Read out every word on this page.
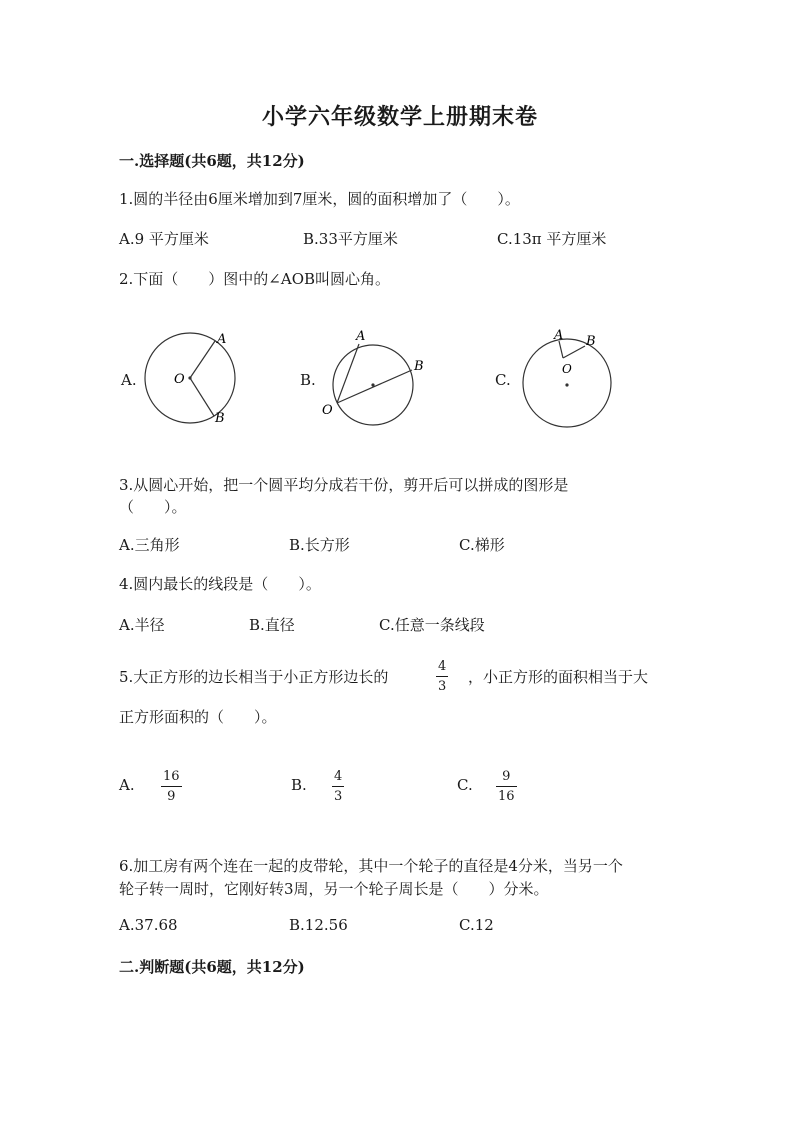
小学六年级数学上册期末卷
一.选择题(共6题，共12分)
1.圆的半径由6厘米增加到7厘米，圆的面积增加了（　　）。
A.9 平方厘米	B.33平方厘米	C.13π 平方厘米
2.下面（　　）图中的∠AOB叫圆心角。
A.	B.	C.
A
O
B
A
B
O
A B
O
3.从圆心开始，把一个圆平均分成若干份，剪开后可以拼成的图形是
（　　）。
A.三角形	B.长方形	C.梯形
4.圆内最长的线段是（　　）。
A.半径	B.直径	C.任意一条线段
5.大正方形的边长相当于小正方形边长的
4
3
，小正方形的面积相当于大
正方形面积的（　　）。
A. 16
9
B. 4
3
C. 9
16
6.加工房有两个连在一起的皮带轮，其中一个轮子的直径是4分米，当另一个
轮子转一周时，它刚好转3周，另一个轮子周长是（　　）分米。
A.37.68	B.12.56	C.12
二.判断题(共6题，共12分)
